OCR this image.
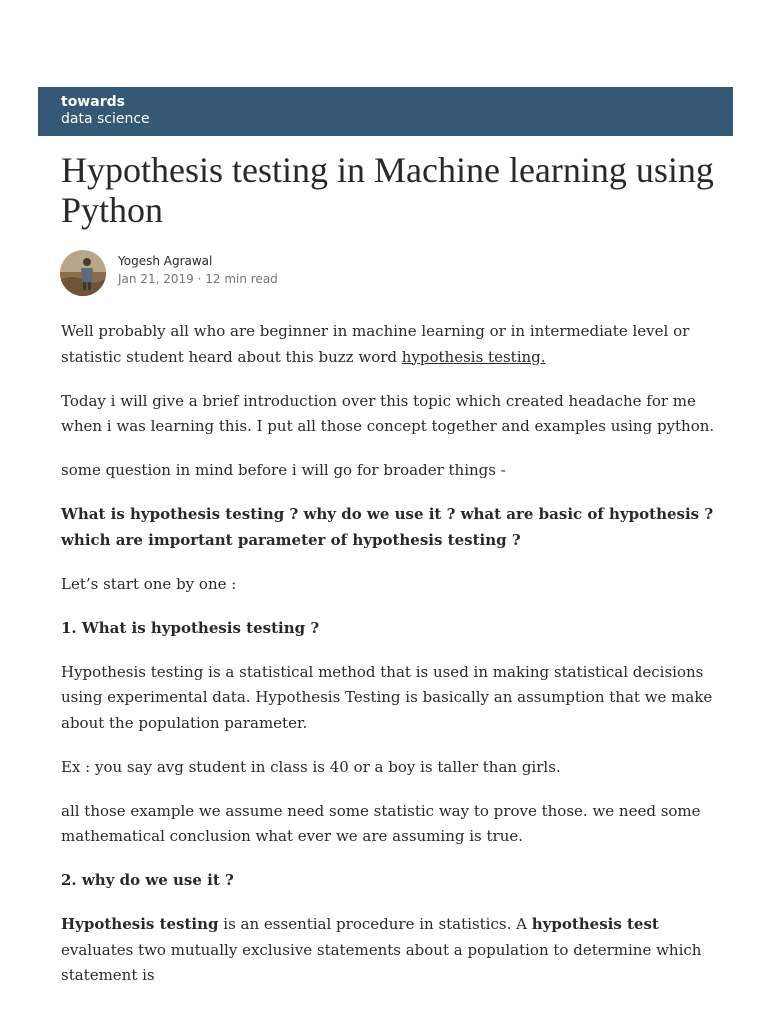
towards
data science
Hypothesis testing in Machine learning using Python
Yogesh Agrawal
Jan 21, 2019 · 12 min read

Well probably all who are beginner in machine learning or in intermediate level or statistic student heard about this buzz word hypothesis testing.

Today i will give a brief introduction over this topic which created headache for me when i was learning this. I put all those concept together and examples using python.

some question in mind before i will go for broader things -

What is hypothesis testing ? why do we use it ? what are basic of hypothesis ? which are important parameter of hypothesis testing ?

Let’s start one by one :

1. What is hypothesis testing ?

Hypothesis testing is a statistical method that is used in making statistical decisions using experimental data. Hypothesis Testing is basically an assumption that we make about the population parameter.

Ex : you say avg student in class is 40 or a boy is taller than girls.

all those example we assume need some statistic way to prove those. we need some mathematical conclusion what ever we are assuming is true.

2. why do we use it ?

Hypothesis testing is an essential procedure in statistics. A hypothesis test evaluates two mutually exclusive statements about a population to determine which statement is
